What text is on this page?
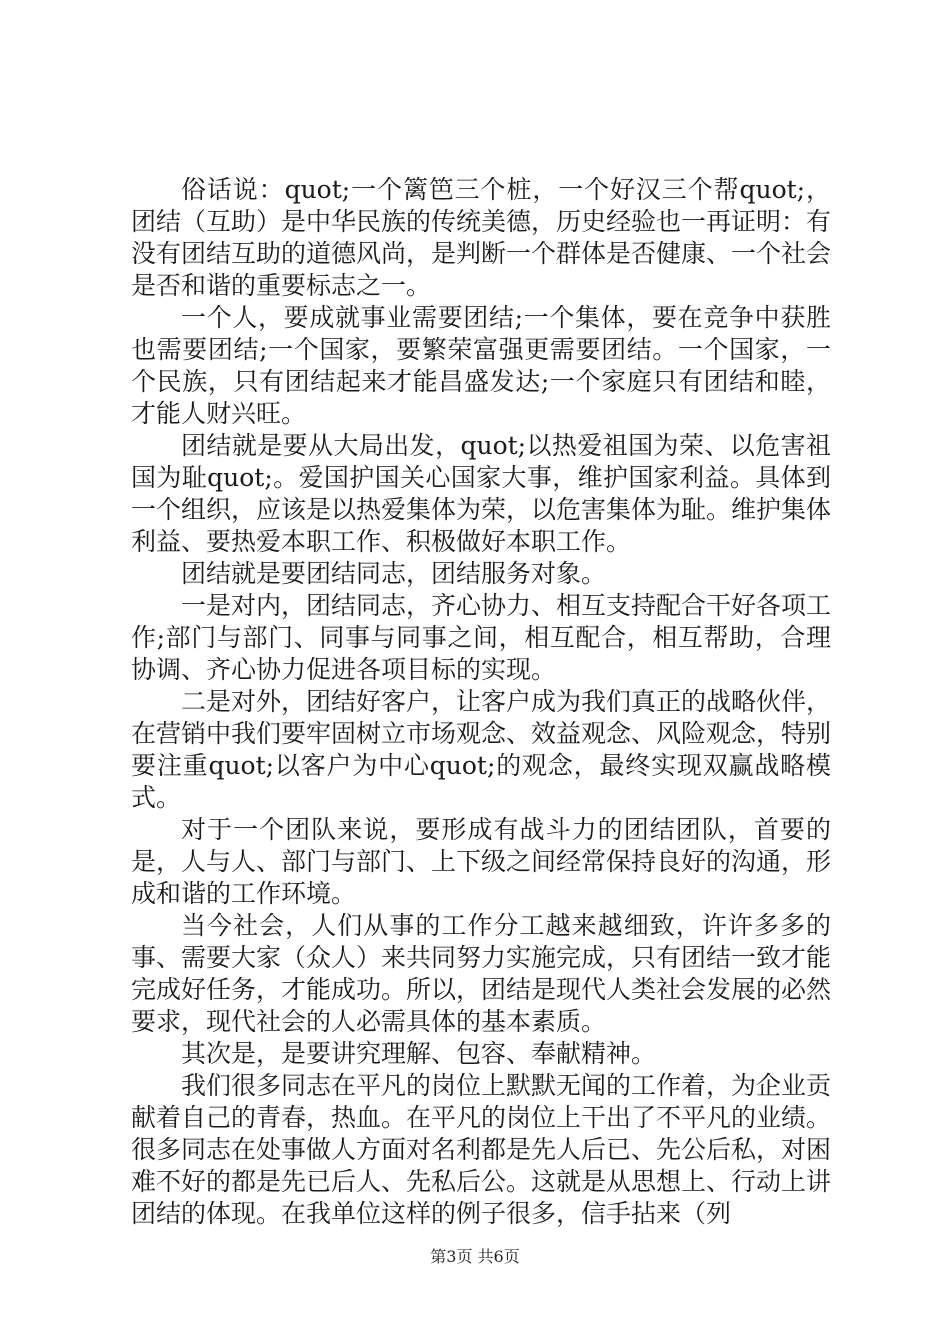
俗话说：quot;一个篱笆三个桩，一个好汉三个帮quot;，团结（互助）是中华民族的传统美德，历史经验也一再证明：有没有团结互助的道德风尚，是判断一个群体是否健康、一个社会是否和谐的重要标志之一。

一个人，要成就事业需要团结;一个集体，要在竞争中获胜也需要团结;一个国家，要繁荣富强更需要团结。一个国家，一个民族，只有团结起来才能昌盛发达;一个家庭只有团结和睦，才能人财兴旺。

团结就是要从大局出发，quot;以热爱祖国为荣、以危害祖国为耻quot;。爱国护国关心国家大事，维护国家利益。具体到一个组织，应该是以热爱集体为荣，以危害集体为耻。维护集体利益、要热爱本职工作、积极做好本职工作。

团结就是要团结同志，团结服务对象。

一是对内，团结同志，齐心协力、相互支持配合干好各项工作;部门与部门、同事与同事之间，相互配合，相互帮助，合理协调、齐心协力促进各项目标的实现。

二是对外，团结好客户，让客户成为我们真正的战略伙伴，在营销中我们要牢固树立市场观念、效益观念、风险观念，特别要注重quot;以客户为中心quot;的观念，最终实现双赢战略模式。

对于一个团队来说，要形成有战斗力的团结团队，首要的是，人与人、部门与部门、上下级之间经常保持良好的沟通，形成和谐的工作环境。

当今社会，人们从事的工作分工越来越细致，许许多多的事、需要大家（众人）来共同努力实施完成，只有团结一致才能完成好任务，才能成功。所以，团结是现代人类社会发展的必然要求，现代社会的人必需具体的基本素质。

其次是，是要讲究理解、包容、奉献精神。

我们很多同志在平凡的岗位上默默无闻的工作着，为企业贡献着自己的青春，热血。在平凡的岗位上干出了不平凡的业绩。很多同志在处事做人方面对名利都是先人后已、先公后私，对困难不好的都是先已后人、先私后公。这就是从思想上、行动上讲团结的体现。在我单位这样的例子很多，信手拈来（列

第3页 共6页
